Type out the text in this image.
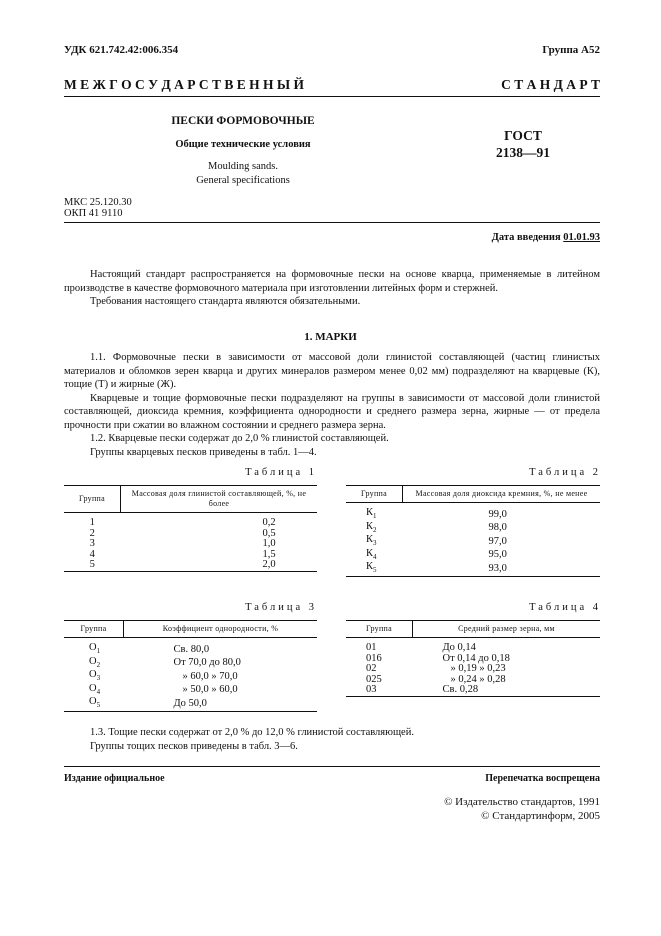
УДК 621.742.42:006.354	Группа А52
М Е Ж Г О С У Д А Р С Т В Е Н Н Ы Й	С Т А Н Д А Р Т
ПЕСКИ ФОРМОВОЧНЫЕ
Общие технические условия
Moulding sands.
General specifications
ГОСТ
2138—91
МКС 25.120.30
ОКП 41 9110
Дата введения 01.01.93

Настоящий стандарт распространяется на формовочные пески на основе кварца, применяемые в литейном производстве в качестве формовочного материала при изготовлении литейных форм и стержней.

Требования настоящего стандарта являются обязательными.

1. МАРКИ

1.1. Формовочные пески в зависимости от массовой доли глинистой составляющей (частиц глинистых материалов и обломков зерен кварца и других минералов размером менее 0,02 мм) подразделяют на кварцевые (К), тощие (Т) и жирные (Ж).

Кварцевые и тощие формовочные пески подразделяют на группы в зависимости от массовой доли глинистой составляющей, диоксида кремния, коэффициента однородности и среднего размера зерна, жирные — от предела прочности при сжатии во влажном состоянии и среднего размера зерна.

1.2. Кварцевые пески содержат до 2,0 % глинистой составляющей.

Группы кварцевых песков приведены в табл. 1—4.

Таблица 1
Группа	Массовая доля глинистой составляющей, %, не более

1	0,2
2	0,5
3	1,0
4	1,5
5	2,0
Таблица 2
Группа	Массовая доля диоксида кремния, %, не менее

$К_1$	99,0
$К_2$	98,0
$К_3$	97,0
$К_4$	95,0
$К_5$	93,0
Таблица 3
Группа	Коэффициент однородности, %

$О_1$	Св. 80,0
$О_2$	От 70,0 до 80,0
$О_3$	» 60,0 » 70,0
$О_4$	» 50,0 » 60,0
$О_5$	До 50,0
Таблица 4
Группа	Средний размер зерна, мм

01	До 0,14
016	От 0,14 до 0,18
02	» 0,19 » 0,23
025	» 0,24 » 0,28
03	Св. 0,28

1.3. Тощие пески содержат от 2,0 % до 12,0 % глинистой составляющей.

Группы тощих песков приведены в табл. 3—6.

Издание официальное	Перепечатка воспрещена
© Издательство стандартов, 1991
© Стандартинформ, 2005
